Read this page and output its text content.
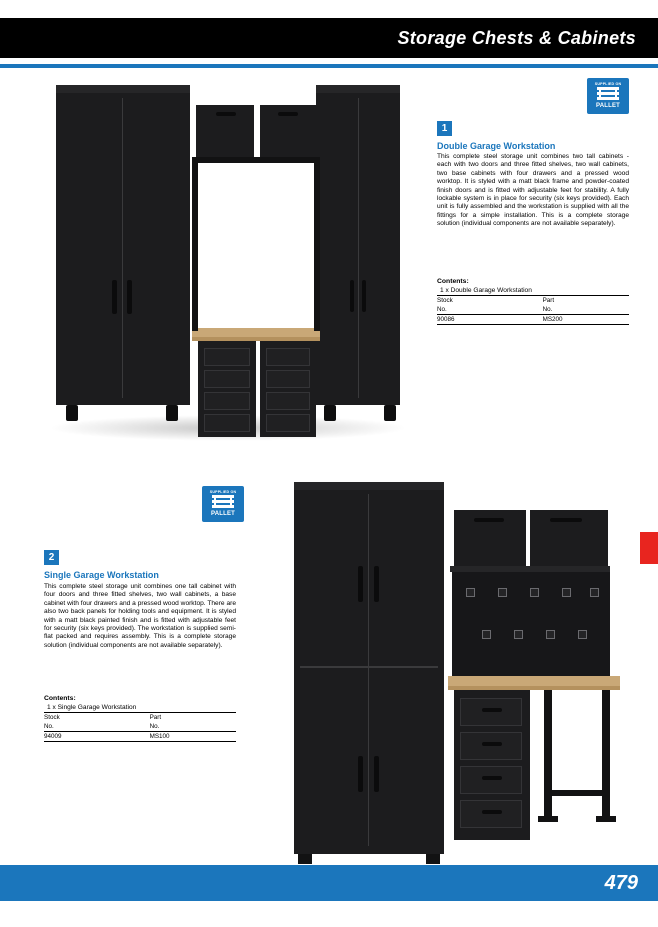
Storage Chests & Cabinets
SUPPLIED ON
PALLET
1
Double Garage Workstation
This complete steel storage unit combines two tall cabinets - each with two doors and three fitted shelves, two wall cabinets, two base cabinets with four drawers and a pressed wood worktop. It is styled with a matt black frame and powder-coated finish doors and is fitted with adjustable feet for stability. A fully lockable system is in place for security (six keys provided). Each unit is fully assembled and the workstation is supplied with all the fittings for a simple installation. This is a complete storage solution (individual components are not available separately).
Contents:
1 x Double Garage Workstation
Stock	Part
No.	No.
90086	MS200
SUPPLIED ON
PALLET
2
Single Garage Workstation
This complete steel storage unit combines one tall cabinet with four doors and three fitted shelves, two wall cabinets, a base cabinet with four drawers and a pressed wood worktop. There are also two back panels for holding tools and equipment. It is styled with a matt black painted finish and is fitted with adjustable feet for security (six keys provided). The workstation is supplied semi-flat packed and requires assembly. This is a complete storage solution (individual components are not available separately).
Contents:
1 x Single Garage Workstation
Stock	Part
No.	No.
94009	MS100
479
